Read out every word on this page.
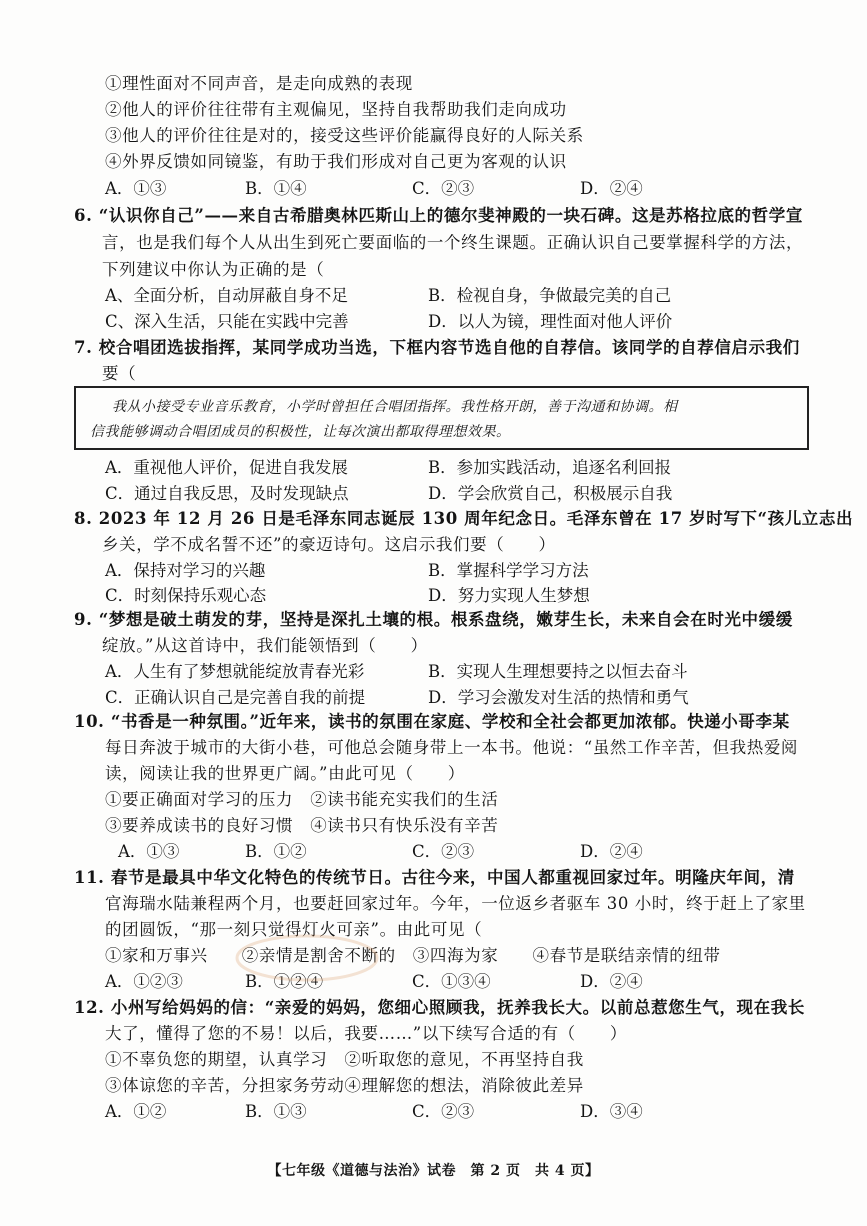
①理性面对不同声音，是走向成熟的表现
②他人的评价往往带有主观偏见，坚持自我帮助我们走向成功
③他人的评价往往是对的，接受这些评价能赢得良好的人际关系
④外界反馈如同镜鉴，有助于我们形成对自己更为客观的认识
A．①③	B．①④	C．②③	D．②④
6. “认识你自己”——来自古希腊奥林匹斯山上的德尔斐神殿的一块石碑。这是苏格拉底的哲学宣
言，也是我们每个人从出生到死亡要面临的一个终生课题。正确认识自己要掌握科学的方法，
下列建议中你认为正确的是（
A、全面分析，自动屏蔽自身不足	B．检视自身，争做最完美的自己
C、深入生活，只能在实践中完善	D．以人为镜，理性面对他人评价
7. 校合唱团选拔指挥，某同学成功当选，下框内容节选自他的自荐信。该同学的自荐信启示我们
要（
我从小接受专业音乐教育，小学时曾担任合唱团指挥。我性格开朗，善于沟通和协调。相
信我能够调动合唱团成员的积极性，让每次演出都取得理想效果。
A．重视他人评价，促进自我发展	B．参加实践活动，追逐名利回报
C．通过自我反思，及时发现缺点	D．学会欣赏自己，积极展示自我
8. 2023 年 12 月 26 日是毛泽东同志诞辰 130 周年纪念日。毛泽东曾在 17 岁时写下“孩儿立志出
乡关，学不成名誓不还”的豪迈诗句。这启示我们要（　　）
A．保持对学习的兴趣	B．掌握科学学习方法
C．时刻保持乐观心态	D．努力实现人生梦想
9. “梦想是破土萌发的芽，坚持是深扎土壤的根。根系盘绕，嫩芽生长，未来自会在时光中缓缓
绽放。”从这首诗中，我们能领悟到（　　）
A．人生有了梦想就能绽放青春光彩	B．实现人生理想要持之以恒去奋斗
C．正确认识自己是完善自我的前提	D．学习会激发对生活的热情和勇气
10. “书香是一种氛围。”近年来，读书的氛围在家庭、学校和全社会都更加浓郁。快递小哥李某
每日奔波于城市的大街小巷，可他总会随身带上一本书。他说：“虽然工作辛苦，但我热爱阅
读，阅读让我的世界更广阔。”由此可见（　　）
①要正确面对学习的压力　②读书能充实我们的生活
③要养成读书的良好习惯　④读书只有快乐没有辛苦
A．①③	B．①②	C．②③	D．②④
11. 春节是最具中华文化特色的传统节日。古往今来，中国人都重视回家过年。明隆庆年间，清
官海瑞水陆兼程两个月，也要赶回家过年。今年，一位返乡者驱车 30 小时，终于赶上了家里
的团圆饭，“那一刻只觉得灯火可亲”。由此可见（
①家和万事兴　　②亲情是割舍不断的　③四海为家　　④春节是联结亲情的纽带
A．①②③	B．①②④	C．①③④	D．②④
12. 小州写给妈妈的信：“亲爱的妈妈，您细心照顾我，抚养我长大。以前总惹您生气，现在我长
大了，懂得了您的不易！以后，我要……”以下续写合适的有（　　）
①不辜负您的期望，认真学习　②听取您的意见，不再坚持自我
③体谅您的辛苦，分担家务劳动④理解您的想法，消除彼此差异
A．①②	B．①③	C．②③	D．③④
【七年级《道德与法治》试卷　第 2 页　共 4 页】
